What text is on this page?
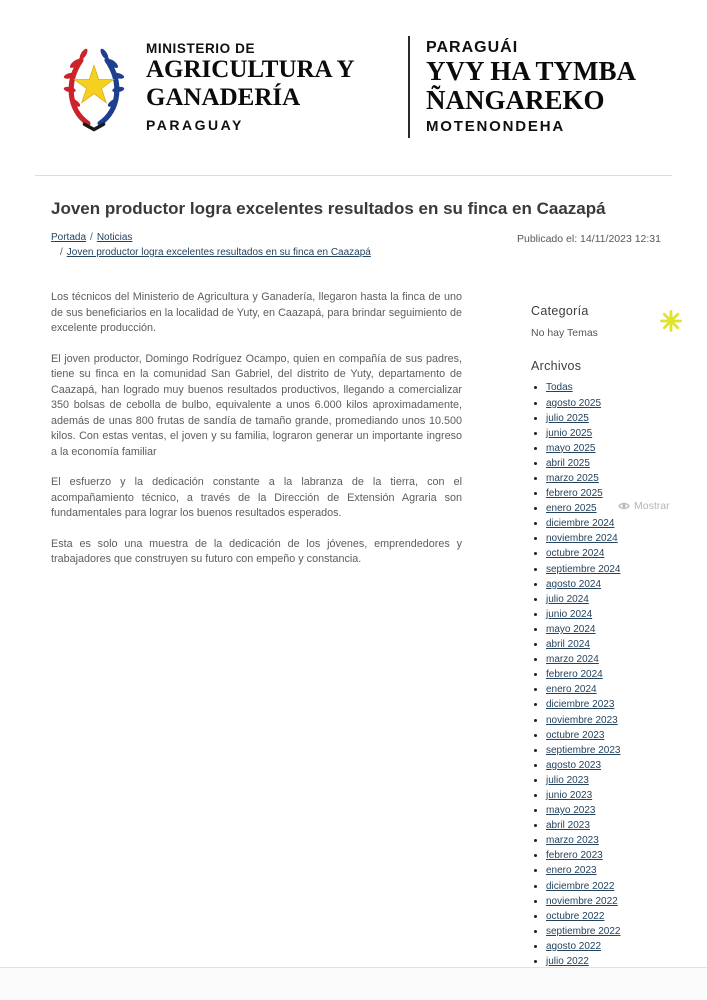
MINISTERIO DE
AGRICULTURA Y
GANADERÍA
PARAGUAY
PARAGUÁI
YVY HA TYMBA
ÑANGAREKO
MOTENONDEHA
Joven productor logra excelentes resultados en su finca en Caazapá
Portada / Noticias
/ Joven productor logra excelentes resultados en su finca en Caazapá
Publicado el: 14/11/2023 12:31

Los técnicos del Ministerio de Agricultura y Ganadería, llegaron hasta la finca de uno de sus beneficiarios en la localidad de Yuty, en Caazapá, para brindar seguimiento de excelente producción.

El joven productor, Domingo Rodríguez Ocampo, quien en compañía de sus padres, tiene su finca en la comunidad San Gabriel, del distrito de Yuty, departamento de Caazapá, han logrado muy buenos resultados productivos, llegando a comercializar 350 bolsas de cebolla de bulbo, equivalente a unos 6.000 kilos aproximadamente, además de unas 800 frutas de sandía de tamaño grande, promediando unos 10.500 kilos. Con estas ventas, el joven y su familia, lograron generar un importante ingreso a la economía familiar

El esfuerzo y la dedicación constante a la labranza de la tierra, con el acompañamiento técnico, a través de la Dirección de Extensión Agraria son fundamentales para lograr los buenos resultados esperados.

Esta es solo una muestra de la dedicación de los jóvenes, emprendedores y trabajadores que construyen su futuro con empeño y constancia.

Categoría
No hay Temas
Archivos
• Todas
• agosto 2025
• julio 2025
• junio 2025
• mayo 2025
• abril 2025
• marzo 2025
• febrero 2025
• enero 2025
• diciembre 2024
• noviembre 2024
• octubre 2024
• septiembre 2024
• agosto 2024
• julio 2024
• junio 2024
• mayo 2024
• abril 2024
• marzo 2024
• febrero 2024
• enero 2024
• diciembre 2023
• noviembre 2023
• octubre 2023
• septiembre 2023
• agosto 2023
• julio 2023
• junio 2023
• mayo 2023
• abril 2023
• marzo 2023
• febrero 2023
• enero 2023
• diciembre 2022
• noviembre 2022
• octubre 2022
• septiembre 2022
• agosto 2022
• julio 2022
Mostrar
